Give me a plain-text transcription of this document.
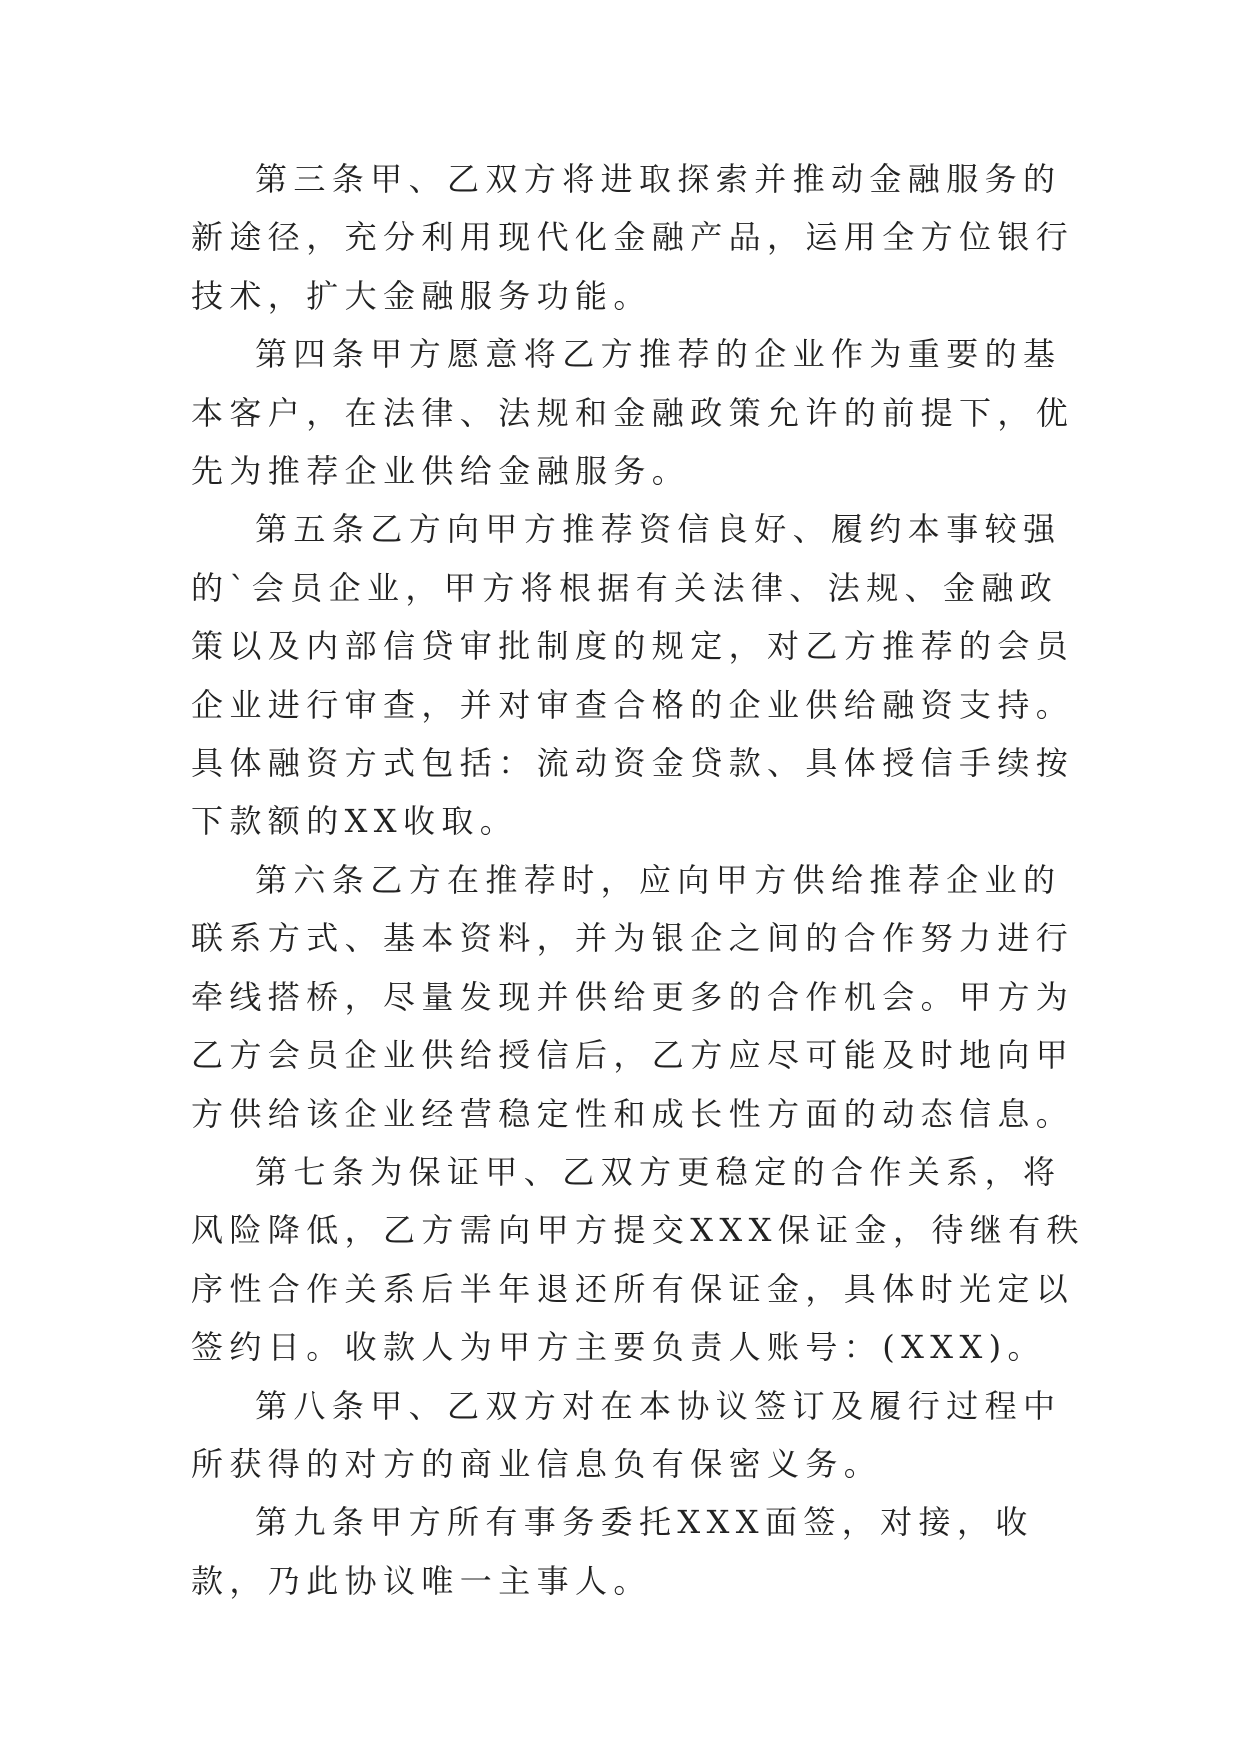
第三条甲、乙双方将进取探索并推动金融服务的新途径，充分利用现代化金融产品，运用全方位银行技术，扩大金融服务功能。

第四条甲方愿意将乙方推荐的企业作为重要的基本客户，在法律、法规和金融政策允许的前提下，优先为推荐企业供给金融服务。

第五条乙方向甲方推荐资信良好、履约本事较强的`会员企业，甲方将根据有关法律、法规、金融政策以及内部信贷审批制度的规定，对乙方推荐的会员企业进行审查，并对审查合格的企业供给融资支持。具体融资方式包括：流动资金贷款、具体授信手续按下款额的XX收取。

第六条乙方在推荐时，应向甲方供给推荐企业的联系方式、基本资料，并为银企之间的合作努力进行牵线搭桥，尽量发现并供给更多的合作机会。甲方为乙方会员企业供给授信后，乙方应尽可能及时地向甲方供给该企业经营稳定性和成长性方面的动态信息。

第七条为保证甲、乙双方更稳定的合作关系，将风险降低，乙方需向甲方提交XXX保证金，待继有秩序性合作关系后半年退还所有保证金，具体时光定以签约日。收款人为甲方主要负责人账号：(XXX)。

第八条甲、乙双方对在本协议签订及履行过程中所获得的对方的商业信息负有保密义务。

第九条甲方所有事务委托XXX面签，对接，收款，乃此协议唯一主事人。
